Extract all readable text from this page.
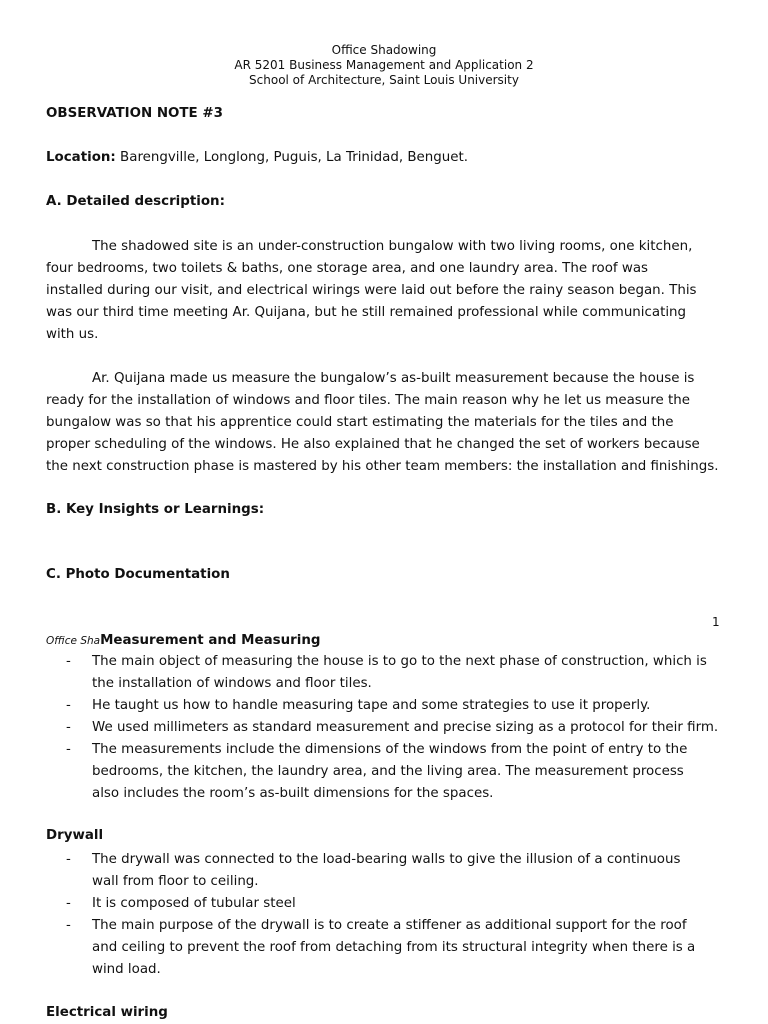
Office Shadowing
AR 5201 Business Management and Application 2
School of Architecture, Saint Louis University
OBSERVATION NOTE #3
Location: Barengville, Longlong, Puguis, La Trinidad, Benguet.
A. Detailed description:
The shadowed site is an under-construction bungalow with two living rooms, one kitchen,
four bedrooms, two toilets & baths, one storage area, and one laundry area. The roof was
installed during our visit, and electrical wirings were laid out before the rainy season began. This
was our third time meeting Ar. Quijana, but he still remained professional while communicating
with us.
Ar. Quijana made us measure the bungalow’s as-built measurement because the house is
ready for the installation of windows and floor tiles. The main reason why he let us measure the
bungalow was so that his apprentice could start estimating the materials for the tiles and the
proper scheduling of the windows. He also explained that he changed the set of workers because
the next construction phase is mastered by his other team members: the installation and finishings.
B. Key Insights or Learnings:
C. Photo Documentation
1
Office ShaMeasurement and Measuring
-	The main object of measuring the house is to go to the next phase of construction, which is
the installation of windows and floor tiles.
-	He taught us how to handle measuring tape and some strategies to use it properly.
-	We used millimeters as standard measurement and precise sizing as a protocol for their firm.
-	The measurements include the dimensions of the windows from the point of entry to the
bedrooms, the kitchen, the laundry area, and the living area. The measurement process
also includes the room’s as-built dimensions for the spaces.
Drywall
-	The drywall was connected to the load-bearing walls to give the illusion of a continuous
wall from floor to ceiling.
-	It is composed of tubular steel
-	The main purpose of the drywall is to create a stiffener as additional support for the roof
and ceiling to prevent the roof from detaching from its structural integrity when there is a
wind load.
Electrical wiring
